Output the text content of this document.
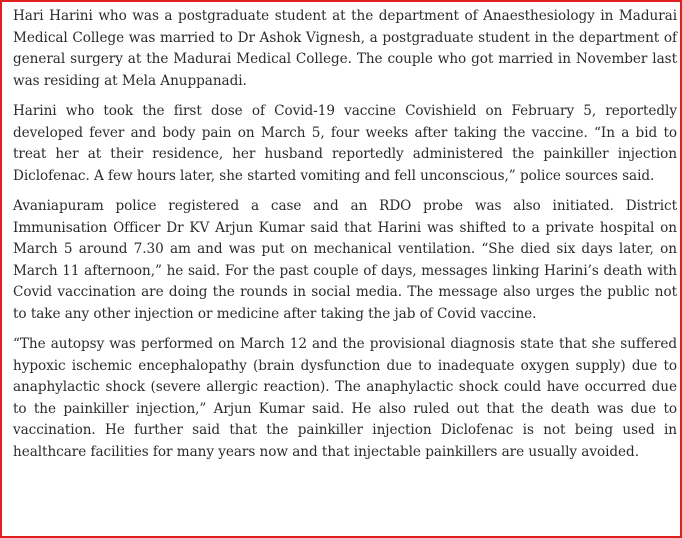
Hari Harini who was a postgraduate student at the department of Anaesthesiology in Madurai Medical College was married to Dr Ashok Vignesh, a postgraduate student in the department of general surgery at the Madurai Medical College. The couple who got married in November last was residing at Mela Anuppanadi.

Harini who took the first dose of Covid-19 vaccine Covishield on February 5, reportedly developed fever and body pain on March 5, four weeks after taking the vaccine. “In a bid to treat her at their residence, her husband reportedly administered the painkiller injection Diclofenac. A few hours later, she started vomiting and fell unconscious,” police sources said.

Avaniapuram police registered a case and an RDO probe was also initiated. District Immunisation Officer Dr KV Arjun Kumar said that Harini was shifted to a private hospital on March 5 around 7.30 am and was put on mechanical ventilation. “She died six days later, on March 11 afternoon,” he said. For the past couple of days, messages linking Harini’s death with Covid vaccination are doing the rounds in social media. The message also urges the public not to take any other injection or medicine after taking the jab of Covid vaccine.

“The autopsy was performed on March 12 and the provisional diagnosis state that she suffered hypoxic ischemic encephalopathy (brain dysfunction due to inadequate oxygen supply) due to anaphylactic shock (severe allergic reaction). The anaphylactic shock could have occurred due to the painkiller injection,” Arjun Kumar said. He also ruled out that the death was due to vaccination. He further said that the painkiller injection Diclofenac is not being used in healthcare facilities for many years now and that injectable painkillers are usually avoided.
